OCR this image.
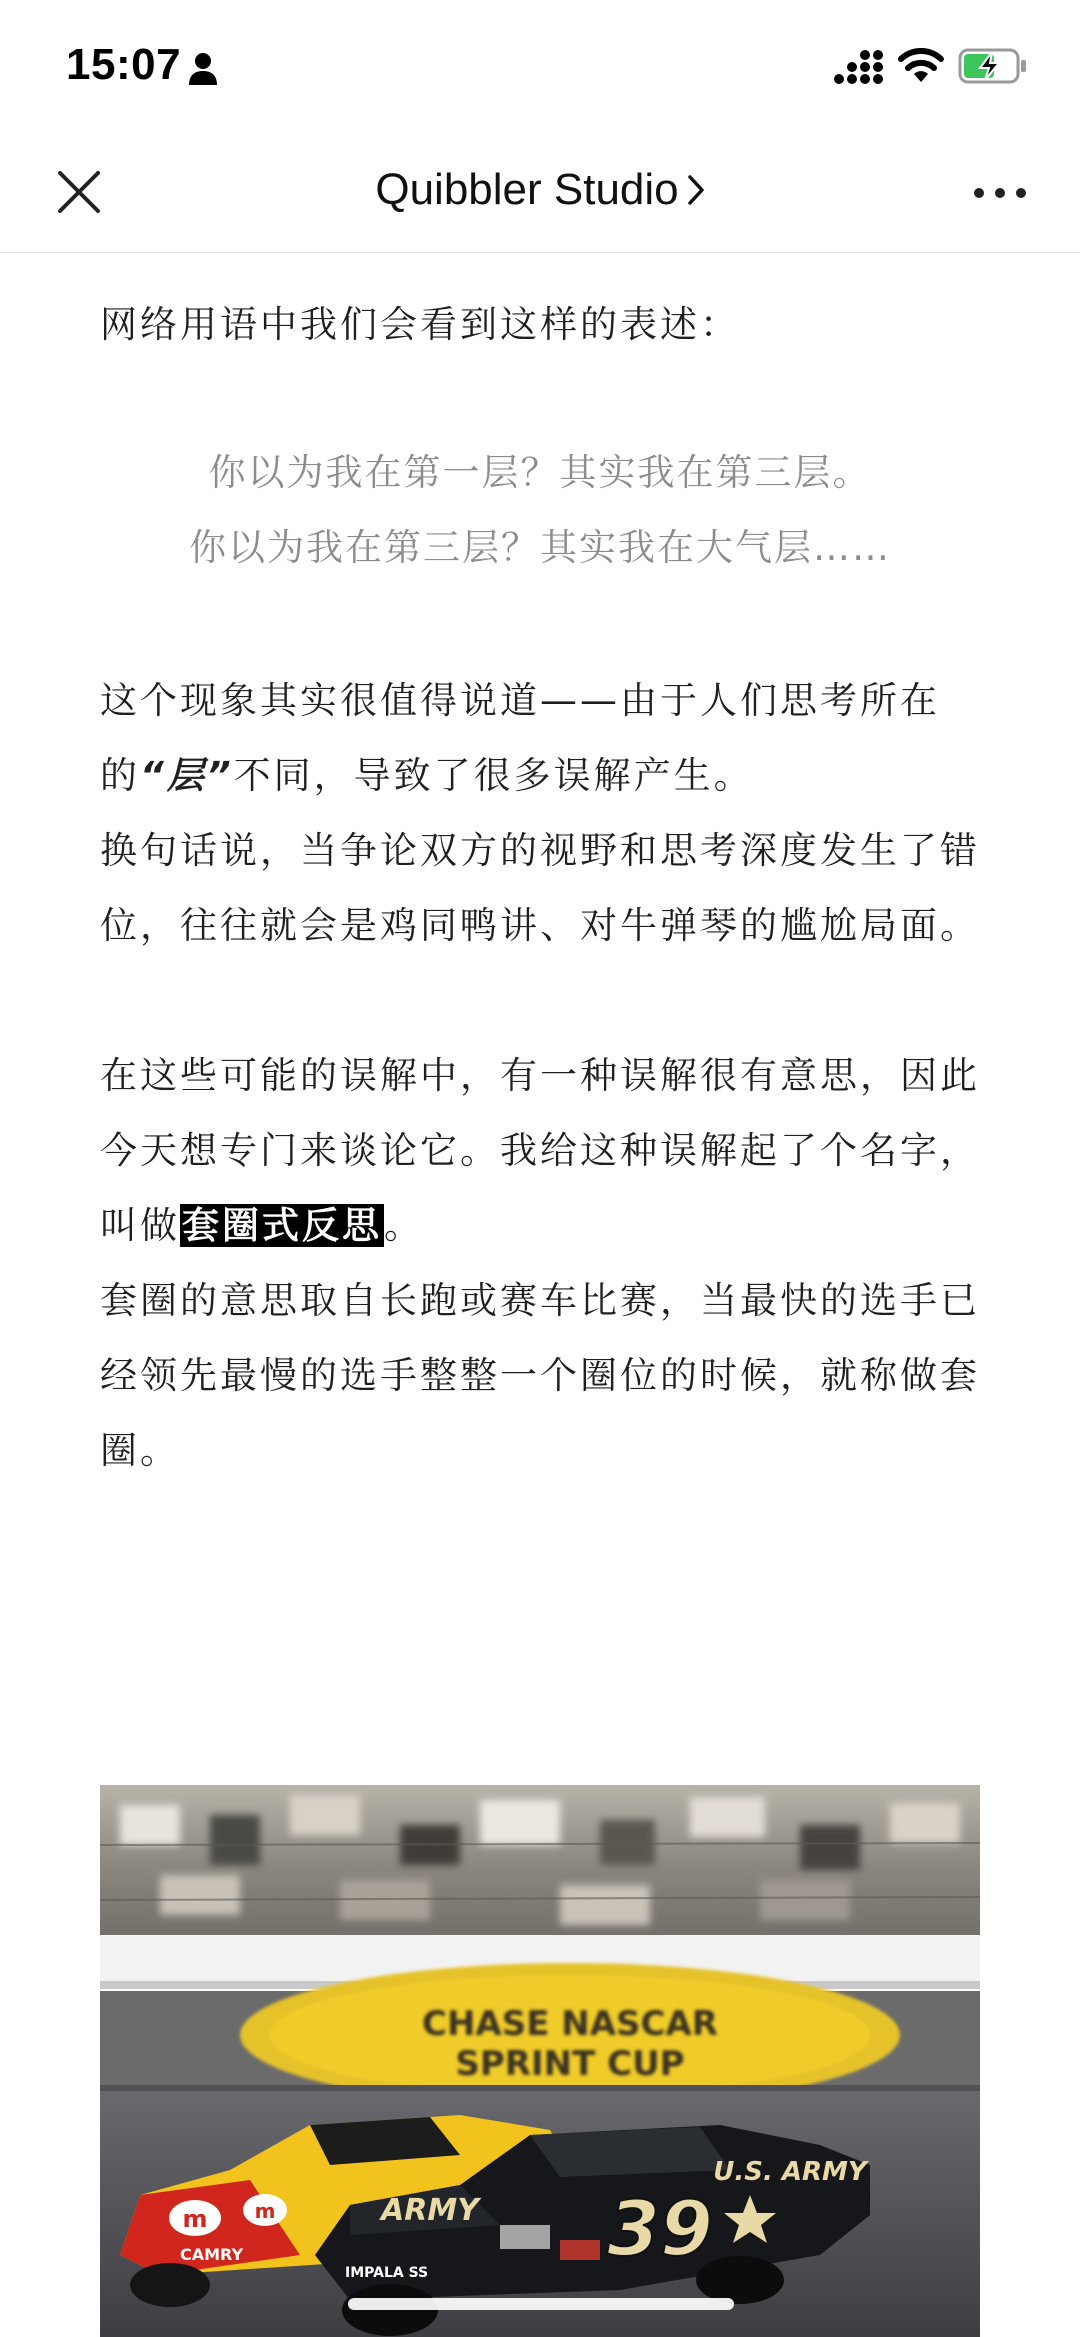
15:07
Quibbler Studio

网络用语中我们会看到这样的表述：

你以为我在第一层？其实我在第三层。
你以为我在第三层？其实我在大气层……

这个现象其实很值得说道——由于人们思考所在的“层”不同，导致了很多误解产生。

换句话说，当争论双方的视野和思考深度发生了错位，往往就会是鸡同鸭讲、对牛弹琴的尴尬局面。

在这些可能的误解中，有一种误解很有意思，因此今天想专门来谈论它。我给这种误解起了个名字，叫做套圈式反思。

套圈的意思取自长跑或赛车比赛，当最快的选手已经领先最慢的选手整整一个圈位的时候，就称做套圈。

CHASE NASCAR
SPRINT CUP
m m
CAMRY
ARMY 39
U.S. ARMY
IMPALA SS
